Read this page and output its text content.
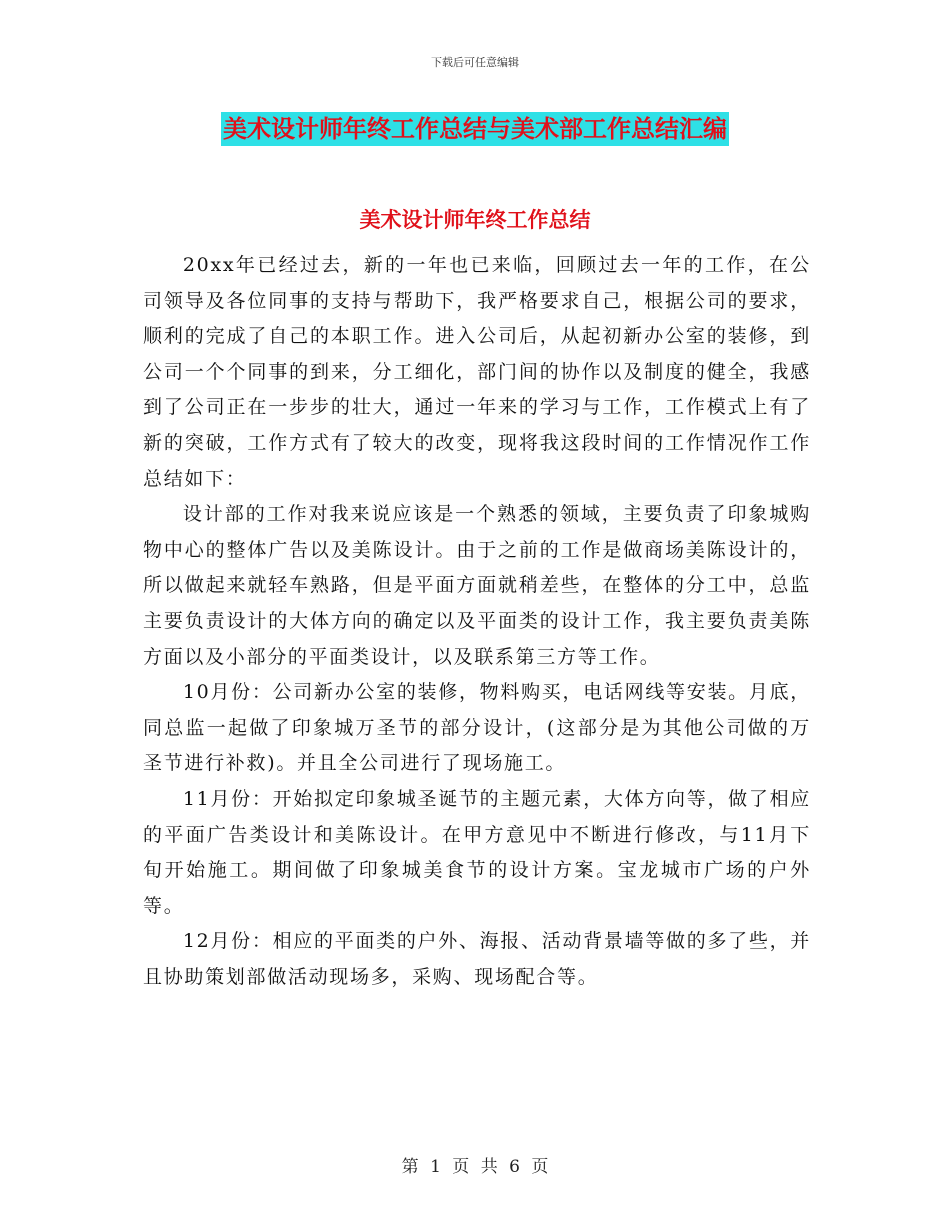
下载后可任意编辑
美术设计师年终工作总结与美术部工作总结汇编
美术设计师年终工作总结

20xx年已经过去，新的一年也已来临，回顾过去一年的工作，在公司领导及各位同事的支持与帮助下，我严格要求自己，根据公司的要求，顺利的完成了自己的本职工作。进入公司后，从起初新办公室的装修，到公司一个个同事的到来，分工细化，部门间的协作以及制度的健全，我感到了公司正在一步步的壮大，通过一年来的学习与工作，工作模式上有了新的突破，工作方式有了较大的改变，现将我这段时间的工作情况作工作总结如下：

设计部的工作对我来说应该是一个熟悉的领域，主要负责了印象城购物中心的整体广告以及美陈设计。由于之前的工作是做商场美陈设计的，所以做起来就轻车熟路，但是平面方面就稍差些，在整体的分工中，总监主要负责设计的大体方向的确定以及平面类的设计工作，我主要负责美陈方面以及小部分的平面类设计，以及联系第三方等工作。

10月份：公司新办公室的装修，物料购买，电话网线等安装。月底，同总监一起做了印象城万圣节的部分设计，(这部分是为其他公司做的万圣节进行补救)。并且全公司进行了现场施工。

11月份：开始拟定印象城圣诞节的主题元素，大体方向等，做了相应的平面广告类设计和美陈设计。在甲方意见中不断进行修改，与11月下旬开始施工。期间做了印象城美食节的设计方案。宝龙城市广场的户外等。

12月份：相应的平面类的户外、海报、活动背景墙等做的多了些，并且协助策划部做活动现场多，采购、现场配合等。

第 1 页 共 6 页
